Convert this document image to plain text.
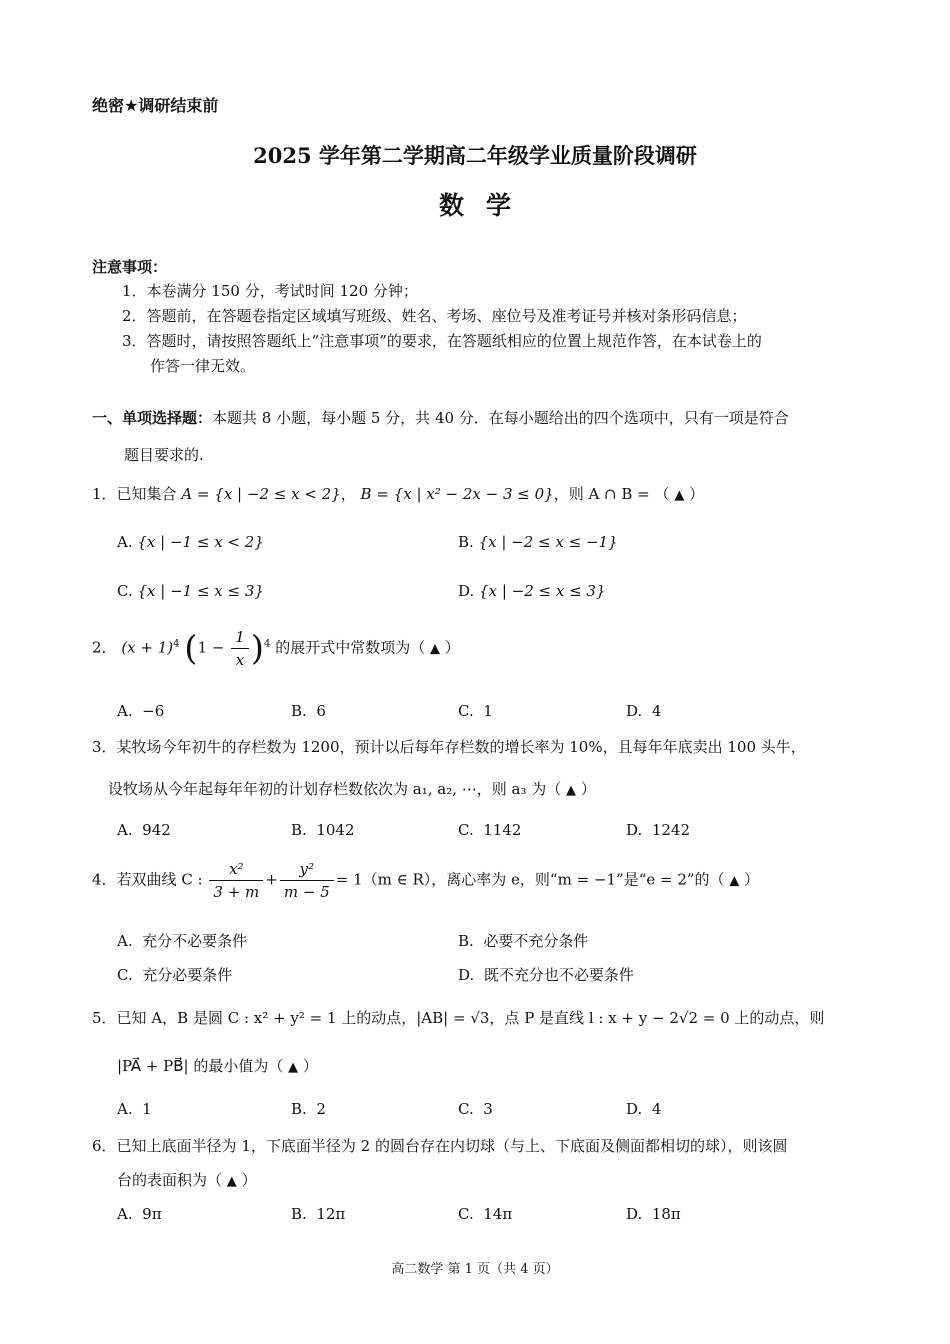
绝密★调研结束前
2025 学年第二学期高二年级学业质量阶段调研
数学
注意事项：
1．本卷满分 150 分，考试时间 120 分钟；
2．答题前，在答题卷指定区域填写班级、姓名、考场、座位号及准考证号并核对条形码信息；
3．答题时，请按照答题纸上“注意事项”的要求，在答题纸相应的位置上规范作答，在本试卷上的
作答一律无效。
一、单项选择题：本题共 8 小题，每小题 5 分，共 40 分．在每小题给出的四个选项中，只有一项是符合
题目要求的.
1．已知集合 A = {x | −2 ≤ x < 2}， B = {x | x² − 2x − 3 ≤ 0}，则 A ∩ B = （ ▲ ）
A. {x | −1 ≤ x < 2}	B. {x | −2 ≤ x ≤ −1}
C. {x | −1 ≤ x ≤ 3}	D. {x | −2 ≤ x ≤ 3}
2． $(x + 1)^4$ $(1 - \frac{1}{x} )^4$ 的展开式中常数项为（ ▲ ）
A. −6	B. 6	C. 1	D. 4
3．某牧场今年初牛的存栏数为 1200，预计以后每年存栏数的增长率为 10%，且每年年底卖出 100 头牛，
设牧场从今年起每年年初的计划存栏数依次为 a₁, a₂, ⋯，则 a₃ 为（ ▲ ）
A. 942	B. 1042	C. 1142	D. 1242
4．若双曲线 C : $\frac{\text{x²}}{3 + m} + \frac{\text{y²}}{m - 5} = 1(m$ ∈ R），离心率为 e，则“m = −1”是“e = 2”的（ ▲ ）
A. 充分不必要条件	B. 必要不充分条件
C. 充分必要条件	D. 既不充分也不必要条件
5．已知 A，B 是圆 C : x² + y² = 1 上的动点，|AB| = √3，点 P 是直线 l : x + y − 2√2 = 0 上的动点，则
|PA⃗ + PB⃗| 的最小值为（ ▲ ）
A. 1	B. 2	C. 3	D. 4
6．已知上底面半径为 1，下底面半径为 2 的圆台存在内切球（与上、下底面及侧面都相切的球），则该圆
台的表面积为（ ▲ ）
A. 9π	B. 12π	C. 14π	D. 18π
高二数学 第 1 页（共 4 页）
